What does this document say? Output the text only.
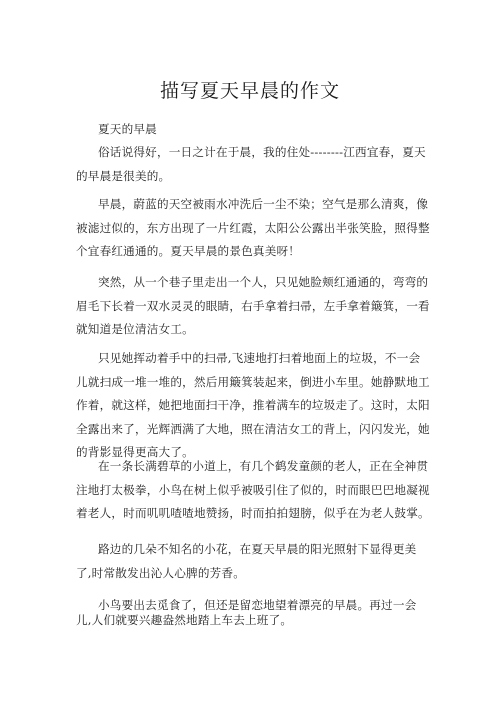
描写夏天早晨的作文

夏天的早晨

俗话说得好，一日之计在于晨，我的住处--------江西宜春，夏天
的早晨是很美的。

早晨，蔚蓝的天空被雨水冲洗后一尘不染；空气是那么清爽，像被滤过似的，东方出现了一片红霞，太阳公公露出半张笑脸，照得整个宜春红通通的。夏天早晨的景色真美呀！

突然，从一个巷子里走出一个人，只见她脸颊红通通的，弯弯的眉毛下长着一双水灵灵的眼睛，右手拿着扫帚，左手拿着簸箕，一看就知道是位清洁女工。

只见她挥动着手中的扫帚,飞速地打扫着地面上的垃圾，不一会儿就扫成一堆一堆的，然后用簸箕装起来，倒进小车里。她静默地工作着，就这样，她把地面扫干净，推着满车的垃圾走了。这时，太阳全露出来了，光辉洒满了大地，照在清洁女工的背上，闪闪发光，她的背影显得更高大了。

在一条长满碧草的小道上，有几个鹤发童颜的老人，正在全神贯注地打太极拳，小鸟在树上似乎被吸引住了似的，时而眼巴巴地凝视着老人，时而叽叽喳喳地赞扬，时而拍拍翅膀，似乎在为老人鼓掌。

路边的几朵不知名的小花，在夏天早晨的阳光照射下显得更美了,时常散发出沁人心脾的芳香。

小鸟要出去觅食了，但还是留恋地望着漂亮的早晨。再过一会儿,人们就要兴趣盎然地踏上车去上班了。
